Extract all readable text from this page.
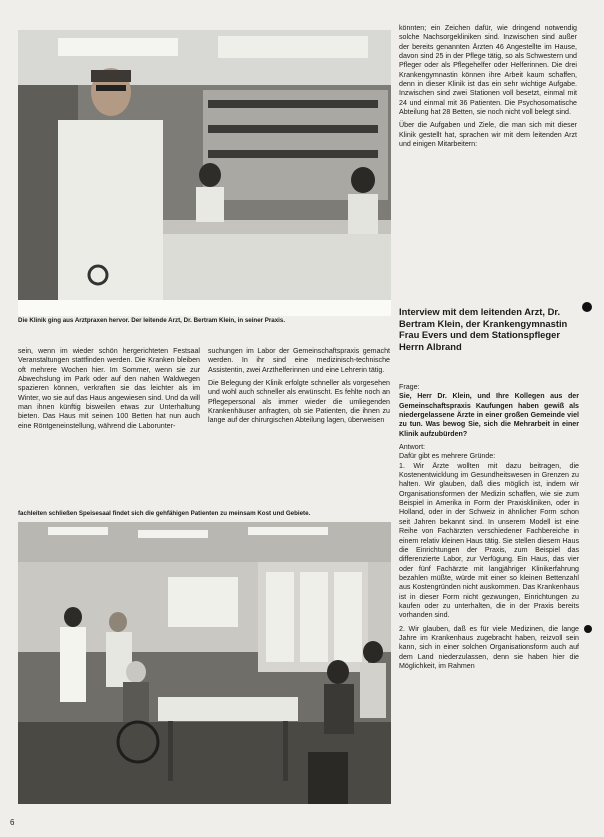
Die Klinik ging aus Arztpraxen hervor. Der leitende Arzt, Dr. Bertram Klein, in seiner Praxis.

sein, wenn im wieder schön hergerichteten Festsaal Veranstaltungen stattfinden werden. Die Kranken bleiben oft mehrere Wochen hier. Im Sommer, wenn sie zur Abwechslung im Park oder auf den nahen Waldwegen spazieren können, verkraften sie das leichter als im Winter, wo sie auf das Haus angewiesen sind. Und da will man ihnen künftig bisweilen etwas zur Unterhaltung bieten. Das Haus mit seinen 100 Betten hat nun auch eine Röntgeneinstellung, während die Laborunter-

suchungen im Labor der Gemeinschaftspraxis gemacht werden. In ihr sind eine medizinisch-technische Assistentin, zwei Arzthelferinnen und eine Lehrerin tätig.

Die Belegung der Klinik erfolgte schneller als vorgesehen und wohl auch schneller als erwünscht. Es fehlte noch an Pflegepersonal als immer wieder die umliegenden Krankenhäuser anfragten, ob sie Patienten, die ihnen zu lange auf der chirurgischen Abteilung lagen, überweisen

fachleiten schließen Speisesaal findet sich die gehfähigen Patienten zu meinsam Kost und Gebiete.

könnten; ein Zeichen dafür, wie dringend notwendig solche Nachsorgekliniken sind. Inzwischen sind außer der bereits genannten Ärzten 46 Angestellte im Hause, davon sind 25 in der Pflege tätig, so als Schwestern und Pfleger oder als Pflegehelfer oder Helferinnen. Die drei Krankengymnastin können ihre Arbeit kaum schaffen, denn in dieser Klinik ist das ein sehr wichtige Aufgabe. Inzwischen sind zwei Stationen voll besetzt, einmal mit 24 und einmal mit 36 Patienten. Die Psychosomatische Abteilung hat 28 Betten, sie noch nicht voll belegt sind.

Über die Aufgaben und Ziele, die man sich mit dieser Klinik gestellt hat, sprachen wir mit dem leitenden Arzt und einigen Mitarbeitern:

Interview mit dem leitenden Arzt, Dr. Bertram Klein, der Krankengymnastin Frau Evers und dem Stationspfleger Herrn Albrand
Frage:

Sie, Herr Dr. Klein, und Ihre Kollegen aus der Gemeinschaftspraxis Kaufungen haben gewiß als niedergelassene Ärzte in einer großen Gemeinde viel zu tun. Was bewog Sie, sich die Mehrarbeit in einer Klinik aufzubürden?

Antwort:
Dafür gibt es mehrere Gründe:

1. Wir Ärzte wollten mit dazu beitragen, die Kostenentwicklung im Gesundheitswesen in Grenzen zu halten. Wir glauben, daß dies möglich ist, indem wir Organisationsformen der Medizin schaffen, wie sie zum Beispiel in Amerika in Form der Praxiskliniken, oder in Holland, oder in der Schweiz in ähnlicher Form schon seit Jahren bekannt sind. In unserem Modell ist eine Reihe von Fachärzten verschiedener Fachbereiche in einem relativ kleinen Haus tätig. Sie stellen diesem Haus die Einrichtungen der Praxis, zum Beispiel das differenzierte Labor, zur Verfügung. Ein Haus, das vier oder fünf Fachärzte mit langjähriger Klinikerfahrung bezahlen müßte, würde mit einer so kleinen Bettenzahl aus Kostengründen nicht auskommen. Das Krankenhaus ist in dieser Form nicht gezwungen, Einrichtungen zu kaufen oder zu unterhalten, die in der Praxis bereits vorhanden sind.

2. Wir glauben, daß es für viele Medizinen, die lange Jahre im Krankenhaus zugebracht haben, reizvoll sein kann, sich in einer solchen Organisationsform auch auf dem Land niederzulassen, denn sie haben hier die Möglichkeit, im Rahmen

6
